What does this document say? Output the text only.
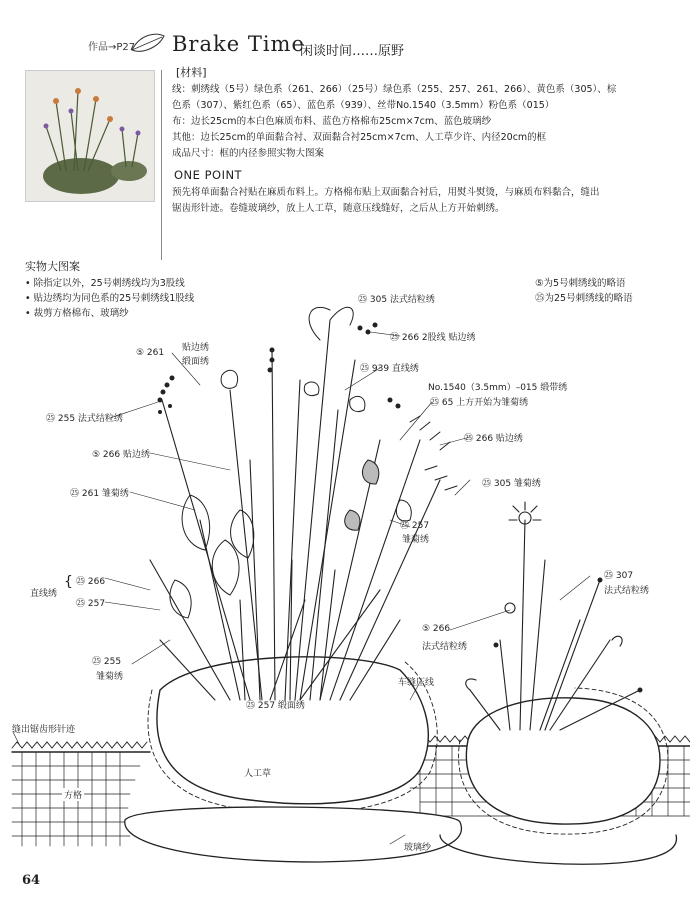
作品→P27 Brake Time
闲谈时间……原野
[材料]
线：刺绣线（5号）绿色系（261、266）（25号）绿色系（255、257、261、266）、黄色系（305）、棕
色系（307）、紫红色系（65）、蓝色系（939）、丝带No.1540（3.5mm）粉色系（015）
布：边长25cm的本白色麻质布料、蓝色方格棉布25cm×7cm、蓝色玻璃纱
其他：边长25cm的单面黏合衬、双面黏合衬25cm×7cm、人工草少许、内径20cm的框
成品尺寸：框的内径参照实物大图案
ONE POINT
预先将单面黏合衬贴在麻质布料上。方格棉布贴上双面黏合衬后，用熨斗熨烫，与麻质布料黏合，缝出
锯齿形针迹。卷缝玻璃纱，放上人工草，随意压线缝好，之后从上方开始刺绣。
实物大图案
• 除指定以外，25号刺绣线均为3股线
• 贴边绣均为同色系的25号刺绣线1股线
• 裁剪方格棉布、玻璃纱
⑤为5号刺绣线的略语
㉕为25号刺绣线的略语
㉕ 305 法式结粒绣
⑤ 261 贴边绣
缎面绣
㉕ 266 2股线 贴边绣
㉕ 939 直线绣
No.1540（3.5mm）–015 缎带绣
㉕ 65 上方开始为雏菊绣
㉕ 255 法式结粒绣
㉕ 266 贴边绣
⑤ 266 贴边绣
㉕ 261 雏菊绣
㉕ 305 雏菊绣
㉕ 257
雏菊绣
㉕ 307
法式结粒绣
直线绣
{ ㉕ 266
㉕ 257
⑤ 266
法式结粒绣
㉕ 255
雏菊绣
车缝压线
㉕ 257 缎面绣
缝出锯齿形针迹
人工草
方格
玻璃纱
64
